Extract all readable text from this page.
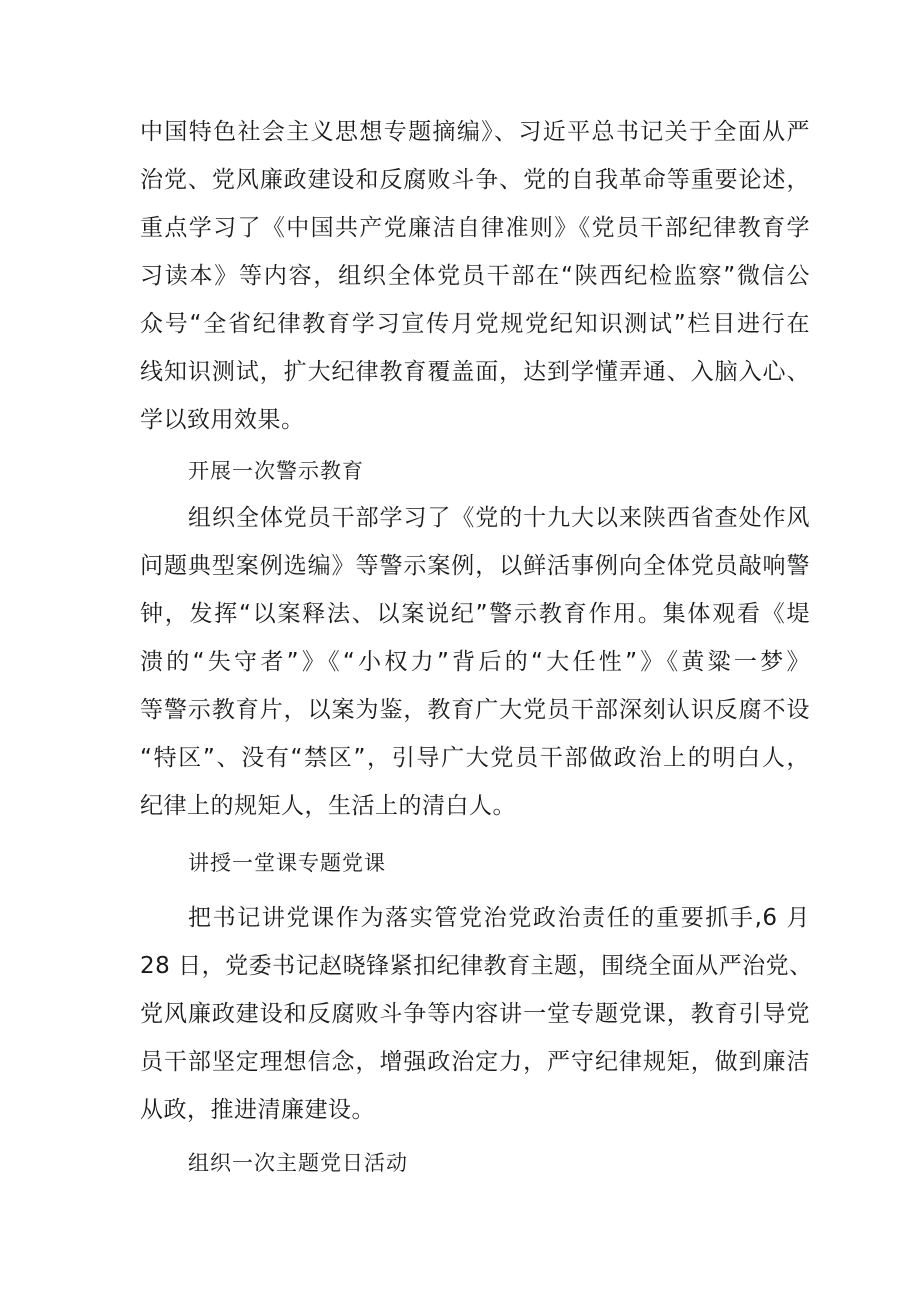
中国特色社会主义思想专题摘编》、习近平总书记关于全面从严
治党、党风廉政建设和反腐败斗争、党的自我革命等重要论述，
重点学习了《中国共产党廉洁自律准则》《党员干部纪律教育学
习读本》等内容，组织全体党员干部在“陕西纪检监察”微信公
众号“全省纪律教育学习宣传月党规党纪知识测试”栏目进行在
线知识测试，扩大纪律教育覆盖面，达到学懂弄通、入脑入心、
学以致用效果。
开展一次警示教育
组织全体党员干部学习了《党的十九大以来陕西省查处作风
问题典型案例选编》等警示案例，以鲜活事例向全体党员敲响警
钟，发挥“以案释法、以案说纪”警示教育作用。集体观看《堤
溃的“失守者”》《“小权力”背后的“大任性”》《黄粱一梦》
等警示教育片，以案为鉴，教育广大党员干部深刻认识反腐不设
“特区”、没有“禁区”，引导广大党员干部做政治上的明白人，
纪律上的规矩人，生活上的清白人。
讲授一堂课专题党课
把书记讲党课作为落实管党治党政治责任的重要抓手,6 月
28 日，党委书记赵晓锋紧扣纪律教育主题，围绕全面从严治党、
党风廉政建设和反腐败斗争等内容讲一堂专题党课，教育引导党
员干部坚定理想信念，增强政治定力，严守纪律规矩，做到廉洁
从政，推进清廉建设。
组织一次主题党日活动
